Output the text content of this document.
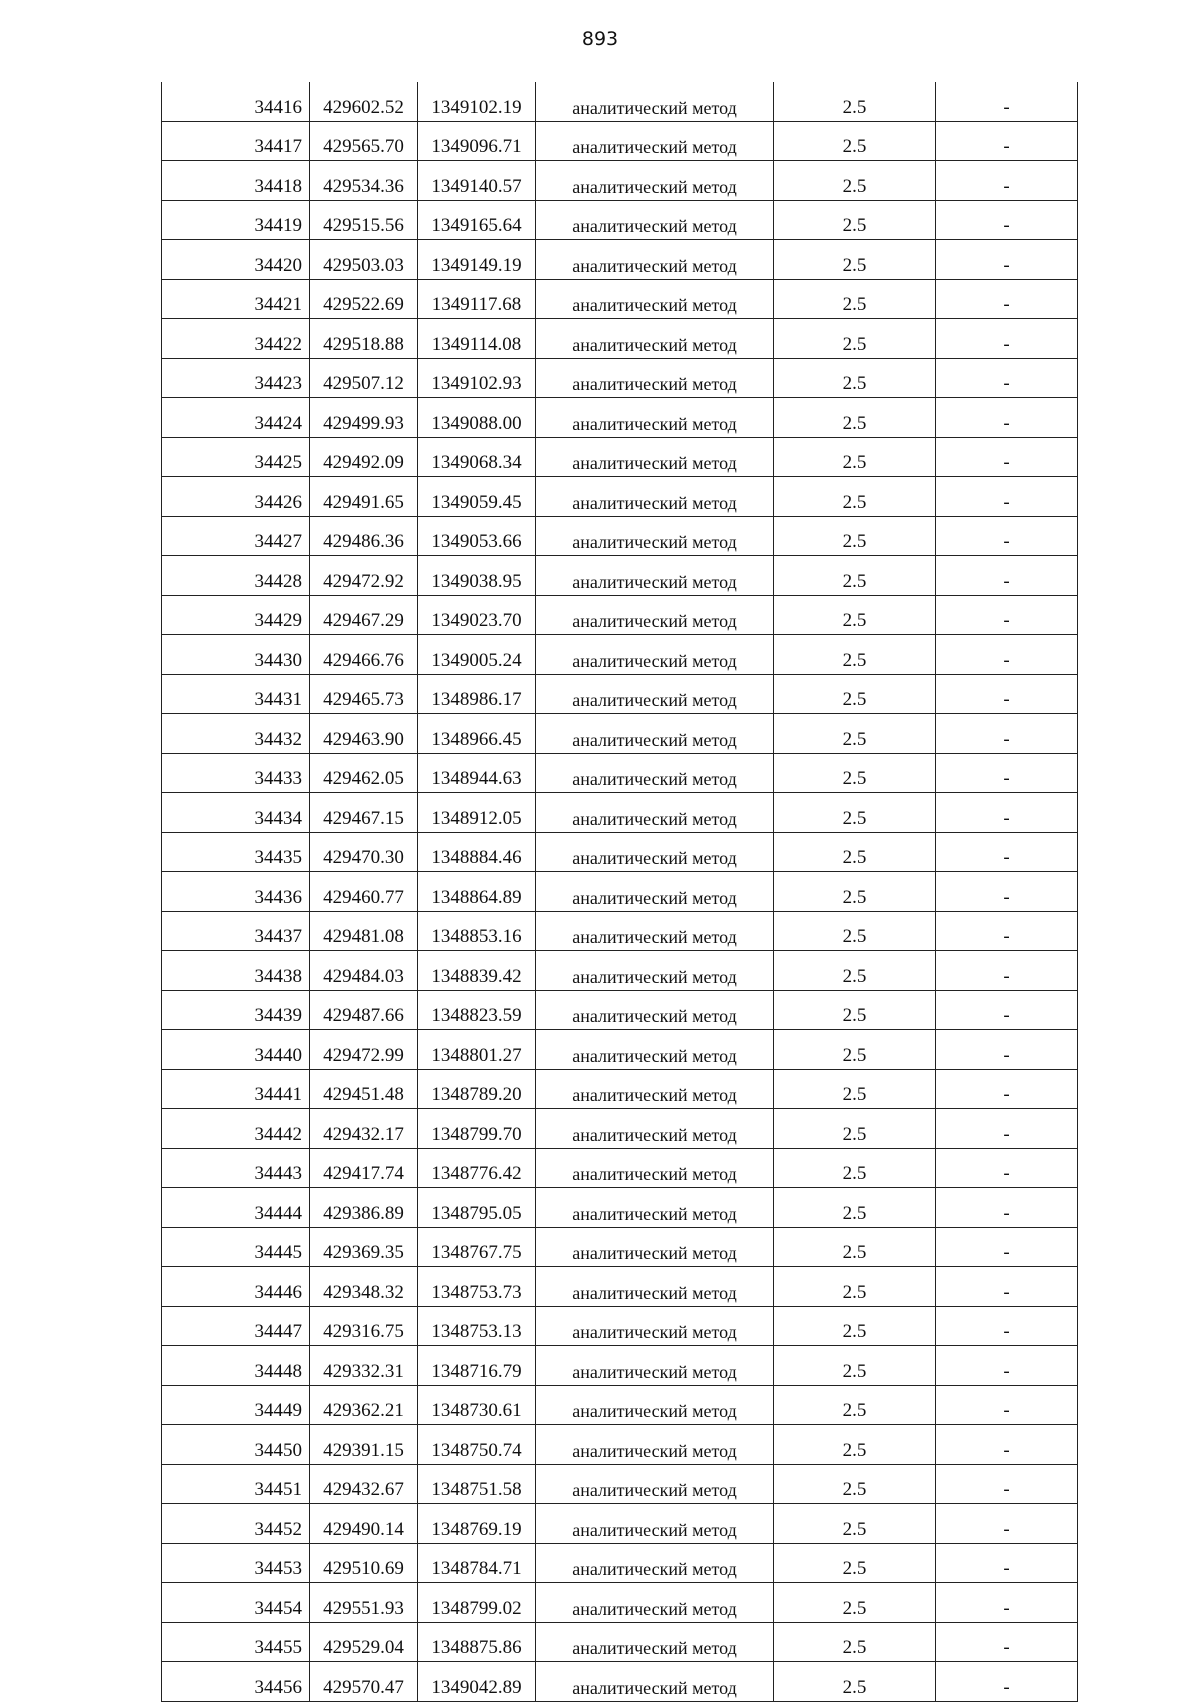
893
34416	429602.52	1349102.19	аналитический метод	2.5	-
34417	429565.70	1349096.71	аналитический метод	2.5	-
34418	429534.36	1349140.57	аналитический метод	2.5	-
34419	429515.56	1349165.64	аналитический метод	2.5	-
34420	429503.03	1349149.19	аналитический метод	2.5	-
34421	429522.69	1349117.68	аналитический метод	2.5	-
34422	429518.88	1349114.08	аналитический метод	2.5	-
34423	429507.12	1349102.93	аналитический метод	2.5	-
34424	429499.93	1349088.00	аналитический метод	2.5	-
34425	429492.09	1349068.34	аналитический метод	2.5	-
34426	429491.65	1349059.45	аналитический метод	2.5	-
34427	429486.36	1349053.66	аналитический метод	2.5	-
34428	429472.92	1349038.95	аналитический метод	2.5	-
34429	429467.29	1349023.70	аналитический метод	2.5	-
34430	429466.76	1349005.24	аналитический метод	2.5	-
34431	429465.73	1348986.17	аналитический метод	2.5	-
34432	429463.90	1348966.45	аналитический метод	2.5	-
34433	429462.05	1348944.63	аналитический метод	2.5	-
34434	429467.15	1348912.05	аналитический метод	2.5	-
34435	429470.30	1348884.46	аналитический метод	2.5	-
34436	429460.77	1348864.89	аналитический метод	2.5	-
34437	429481.08	1348853.16	аналитический метод	2.5	-
34438	429484.03	1348839.42	аналитический метод	2.5	-
34439	429487.66	1348823.59	аналитический метод	2.5	-
34440	429472.99	1348801.27	аналитический метод	2.5	-
34441	429451.48	1348789.20	аналитический метод	2.5	-
34442	429432.17	1348799.70	аналитический метод	2.5	-
34443	429417.74	1348776.42	аналитический метод	2.5	-
34444	429386.89	1348795.05	аналитический метод	2.5	-
34445	429369.35	1348767.75	аналитический метод	2.5	-
34446	429348.32	1348753.73	аналитический метод	2.5	-
34447	429316.75	1348753.13	аналитический метод	2.5	-
34448	429332.31	1348716.79	аналитический метод	2.5	-
34449	429362.21	1348730.61	аналитический метод	2.5	-
34450	429391.15	1348750.74	аналитический метод	2.5	-
34451	429432.67	1348751.58	аналитический метод	2.5	-
34452	429490.14	1348769.19	аналитический метод	2.5	-
34453	429510.69	1348784.71	аналитический метод	2.5	-
34454	429551.93	1348799.02	аналитический метод	2.5	-
34455	429529.04	1348875.86	аналитический метод	2.5	-
34456	429570.47	1349042.89	аналитический метод	2.5	-
